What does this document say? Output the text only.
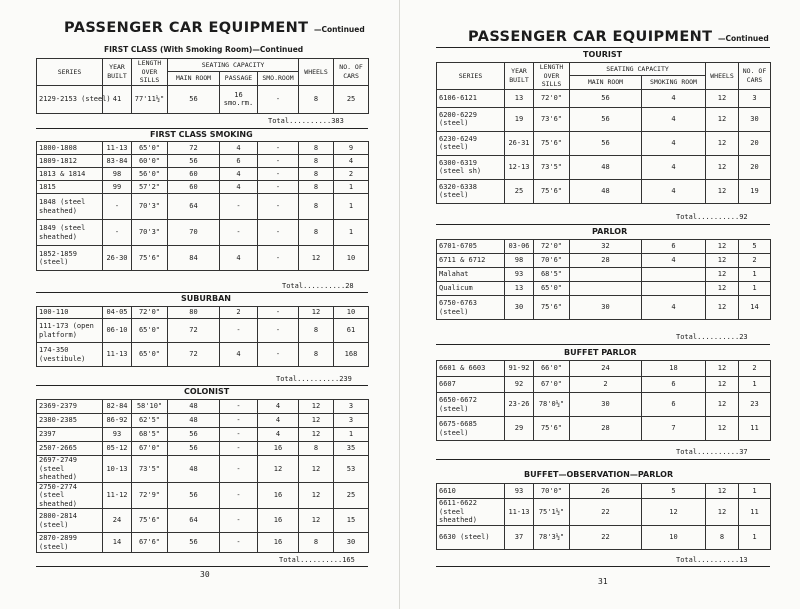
PASSENGER CAR EQUIPMENT —Continued
FIRST CLASS (With Smoking Room)—Continued
SERIES	YEAR BUILT	LENGTH OVER SILLS	SEATING CAPACITY			WHEELS	NO. OF CARS
			MAIN ROOM	PASSAGE	SMO.ROOM		
2129-2153 (steel)	41	77'11½"	56	16 smo.rm.	-	8	25
Total..........383
FIRST CLASS SMOKING
1800-1808	11-13	65'0"	72	4	-	8	9
1809-1812	83-84	60'0"	56	6	-	8	4
1813 & 1814	98	56'0"	60	4	-	8	2
1815	99	57'2"	60	4	-	8	1
1848 (steel sheathed)	-	70'3"	64	-	-	8	1
1849 (steel sheathed)	-	70'3"	70	-	-	8	1
1852-1859 (steel)	26-30	75'6"	84	4	-	12	10
Total..........28
SUBURBAN
100-110	04-05	72'0"	80	2	-	12	10
111-173 (open platform)	06-10	65'0"	72	-	-	8	61
174-350 (vestibule)	11-13	65'0"	72	4	-	8	168
Total..........239
COLONIST
2369-2379	82-84	58'10"	48	-	4	12	3
2380-2385	86-92	62'5"	48	-	4	12	3
2397	93	68'5"	56	-	4	12	1
2507-2665	05-12	67'0"	56	-	16	8	35
2697-2749 (steel sheathed)	10-13	73'5"	48	-	12	12	53
2750-2774 (steel sheathed)	11-12	72'9"	56	-	16	12	25
2800-2814 (steel)	24	75'6"	64	-	16	12	15
2870-2899 (steel)	14	67'6"	56	-	16	8	30
Total..........165
30
PASSENGER CAR EQUIPMENT —Continued
TOURIST
SERIES	YEAR BUILT	LENGTH OVER SILLS	SEATING CAPACITY		WHEELS	NO. OF CARS
			MAIN ROOM	SMOKING ROOM		
6106-6121	13	72'0"	56	4	12	3
6200-6229 (steel)	19	73'6"	56	4	12	30
6230-6249 (steel)	26-31	75'6"	56	4	12	20
6300-6319 (steel sh)	12-13	73'5"	48	4	12	20
6320-6338 (steel)	25	75'6"	48	4	12	19
Total..........92
PARLOR
6701-6705	03-06	72'0"	32	6	12	5
6711 & 6712	98	70'6"	28	4	12	2
Malahat	93	68'5"			12	1
Qualicum	13	65'0"			12	1
6750-6763 (steel)	30	75'6"	30	4	12	14
Total..........23
BUFFET PARLOR
6601 & 6603	91-92	66'0"	24	18	12	2
6607	92	67'0"	2	6	12	1
6650-6672 (steel)	23-26	78'0½"	30	6	12	23
6675-6685 (steel)	29	75'6"	28	7	12	11
Total..........37
BUFFET—OBSERVATION—PARLOR
6610	93	70'0"	26	5	12	1
6611-6622 (steel sheathed)	11-13	75'1½"	22	12	12	11
6630 (steel)	37	78'3½"	22	10	8	1
Total..........13
31
